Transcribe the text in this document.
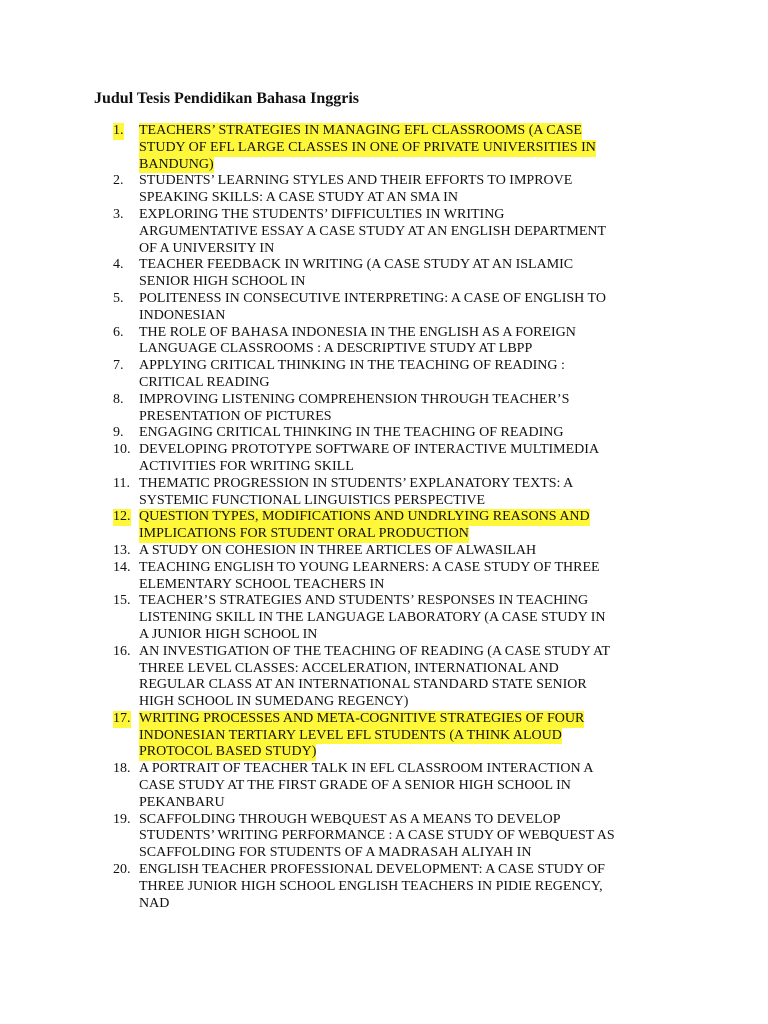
Judul Tesis Pendidikan Bahasa Inggris
1. TEACHERS’ STRATEGIES IN MANAGING EFL CLASSROOMS (A CASE
STUDY OF EFL LARGE CLASSES IN ONE OF PRIVATE UNIVERSITIES IN
BANDUNG)
2. STUDENTS’ LEARNING STYLES AND THEIR EFFORTS TO IMPROVE
SPEAKING SKILLS: A CASE STUDY AT AN SMA IN
3. EXPLORING THE STUDENTS’ DIFFICULTIES IN WRITING
ARGUMENTATIVE ESSAY A CASE STUDY AT AN ENGLISH DEPARTMENT
OF A UNIVERSITY IN
4. TEACHER FEEDBACK IN WRITING (A CASE STUDY AT AN ISLAMIC
SENIOR HIGH SCHOOL IN
5. POLITENESS IN CONSECUTIVE INTERPRETING: A CASE OF ENGLISH TO
INDONESIAN
6. THE ROLE OF BAHASA INDONESIA IN THE ENGLISH AS A FOREIGN
LANGUAGE CLASSROOMS : A DESCRIPTIVE STUDY AT LBPP
7. APPLYING CRITICAL THINKING IN THE TEACHING OF READING :
CRITICAL READING
8. IMPROVING LISTENING COMPREHENSION THROUGH TEACHER’S
PRESENTATION OF PICTURES
9. ENGAGING CRITICAL THINKING IN THE TEACHING OF READING
10. DEVELOPING PROTOTYPE SOFTWARE OF INTERACTIVE MULTIMEDIA
ACTIVITIES FOR WRITING SKILL
11. THEMATIC PROGRESSION IN STUDENTS’ EXPLANATORY TEXTS: A
SYSTEMIC FUNCTIONAL LINGUISTICS PERSPECTIVE
12. QUESTION TYPES, MODIFICATIONS AND UNDRLYING REASONS AND
IMPLICATIONS FOR STUDENT ORAL PRODUCTION
13. A STUDY ON COHESION IN THREE ARTICLES OF ALWASILAH
14. TEACHING ENGLISH TO YOUNG LEARNERS: A CASE STUDY OF THREE
ELEMENTARY SCHOOL TEACHERS IN
15. TEACHER’S STRATEGIES AND STUDENTS’ RESPONSES IN TEACHING
LISTENING SKILL IN THE LANGUAGE LABORATORY (A CASE STUDY IN
A JUNIOR HIGH SCHOOL IN
16. AN INVESTIGATION OF THE TEACHING OF READING (A CASE STUDY AT
THREE LEVEL CLASSES: ACCELERATION, INTERNATIONAL AND
REGULAR CLASS AT AN INTERNATIONAL STANDARD STATE SENIOR
HIGH SCHOOL IN SUMEDANG REGENCY)
17. WRITING PROCESSES AND META-COGNITIVE STRATEGIES OF FOUR
INDONESIAN TERTIARY LEVEL EFL STUDENTS (A THINK ALOUD
PROTOCOL BASED STUDY)
18. A PORTRAIT OF TEACHER TALK IN EFL CLASSROOM INTERACTION A
CASE STUDY AT THE FIRST GRADE OF A SENIOR HIGH SCHOOL IN
PEKANBARU
19. SCAFFOLDING THROUGH WEBQUEST AS A MEANS TO DEVELOP
STUDENTS’ WRITING PERFORMANCE : A CASE STUDY OF WEBQUEST AS
SCAFFOLDING FOR STUDENTS OF A MADRASAH ALIYAH IN
20. ENGLISH TEACHER PROFESSIONAL DEVELOPMENT: A CASE STUDY OF
THREE JUNIOR HIGH SCHOOL ENGLISH TEACHERS IN PIDIE REGENCY,
NAD
